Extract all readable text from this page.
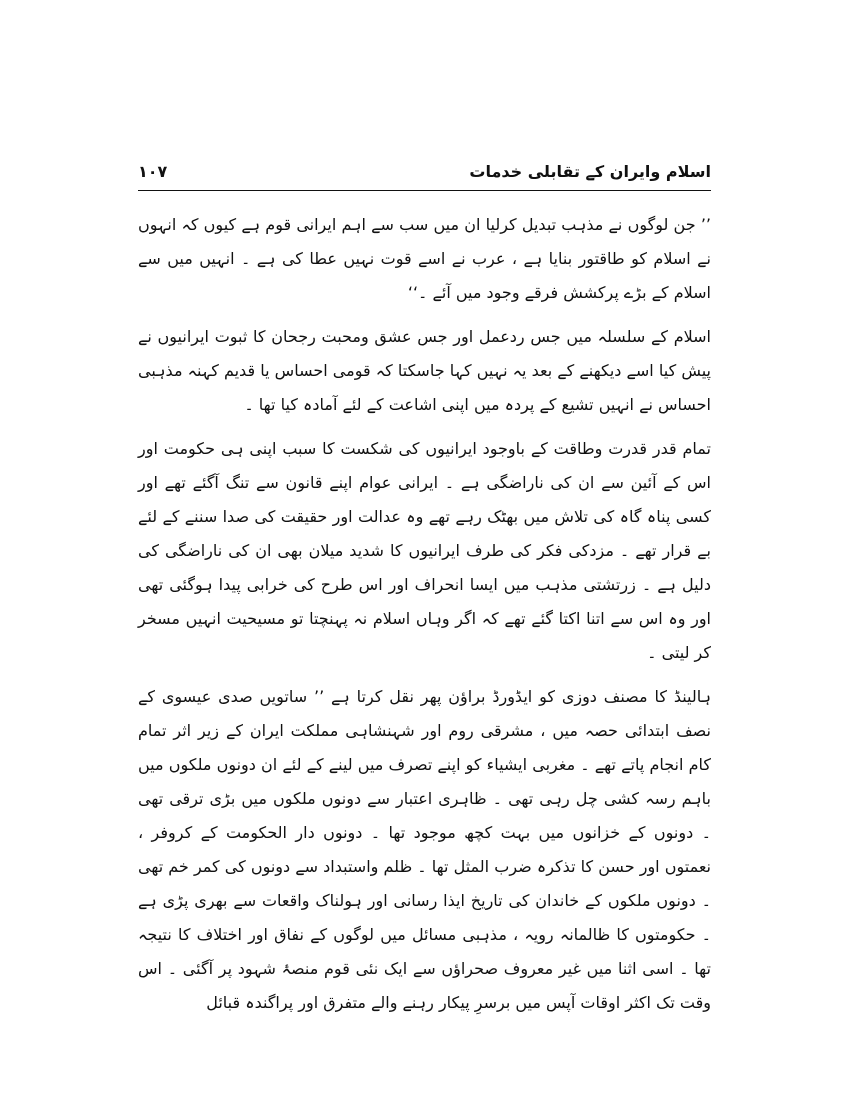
اسلام وایران کے تقابلی خدمات
۱۰۷

’’ جن لوگوں نے مذہب تبدیل کرلیا ان میں سب سے اہم ایرانی قوم ہے کیوں کہ انہوں نے اسلام کو طاقتور بنایا ہے ، عرب نے اسے قوت نہیں عطا کی ہے ۔ انہیں میں سے اسلام کے بڑے پرکشش فرقے وجود میں آئے ۔‘‘

اسلام کے سلسلہ میں جس ردعمل اور جس عشق ومحبت رجحان کا ثبوت ایرانیوں نے پیش کیا اسے دیکھنے کے بعد یہ نہیں کہا جاسکتا کہ قومی احساس یا قدیم کہنہ مذہبی احساس نے انہیں تشیع کے پردہ میں اپنی اشاعت کے لئے آمادہ کیا تھا ۔

تمام قدر قدرت وطاقت کے باوجود ایرانیوں کی شکست کا سبب اپنی ہی حکومت اور اس کے آئین سے ان کی ناراضگی ہے ۔ ایرانی عوام اپنے قانون سے تنگ آگئے تھے اور کسی پناہ گاہ کی تلاش میں بھٹک رہے تھے وہ عدالت اور حقیقت کی صدا سننے کے لئے بے قرار تھے ۔ مزدکی فکر کی طرف ایرانیوں کا شدید میلان بھی ان کی ناراضگی کی دلیل ہے ۔ زرتشتی مذہب میں ایسا انحراف اور اس طرح کی خرابی پیدا ہوگئی تھی اور وہ اس سے اتنا اکتا گئے تھے کہ اگر وہاں اسلام نہ پہنچتا تو مسیحیت انہیں مسخر کر لیتی ۔

ہالینڈ کا مصنف دوزی کو ایڈورڈ براؤن پھر نقل کرتا ہے ’’ ساتویں صدی عیسوی کے نصف ابتدائی حصہ میں ، مشرقی روم اور شہنشاہی مملکت ایران کے زیر اثر تمام کام انجام پاتے تھے ۔ مغربی ایشیاء کو اپنے تصرف میں لینے کے لئے ان دونوں ملکوں میں باہم رسہ کشی چل رہی تھی ۔ ظاہری اعتبار سے دونوں ملکوں میں بڑی ترقی تھی ۔ دونوں کے خزانوں میں بہت کچھ موجود تھا ۔ دونوں دار الحکومت کے کروفر ، نعمتوں اور حسن کا تذکرہ ضرب المثل تھا ۔ ظلم واستبداد سے دونوں کی کمر خم تھی ۔ دونوں ملکوں کے خاندان کی تاریخ ایذا رسانی اور ہولناک واقعات سے بھری پڑی ہے ۔ حکومتوں کا ظالمانہ رویہ ، مذہبی مسائل میں لوگوں کے نفاق اور اختلاف کا نتیجہ تھا ۔ اسی اثنا میں غیر معروف صحراؤں سے ایک نئی قوم منصۂ شہود پر آگئی ۔ اس وقت تک اکثر اوقات آپس میں برسرِ پیکار رہنے والے متفرق اور پراگندہ قبائل
